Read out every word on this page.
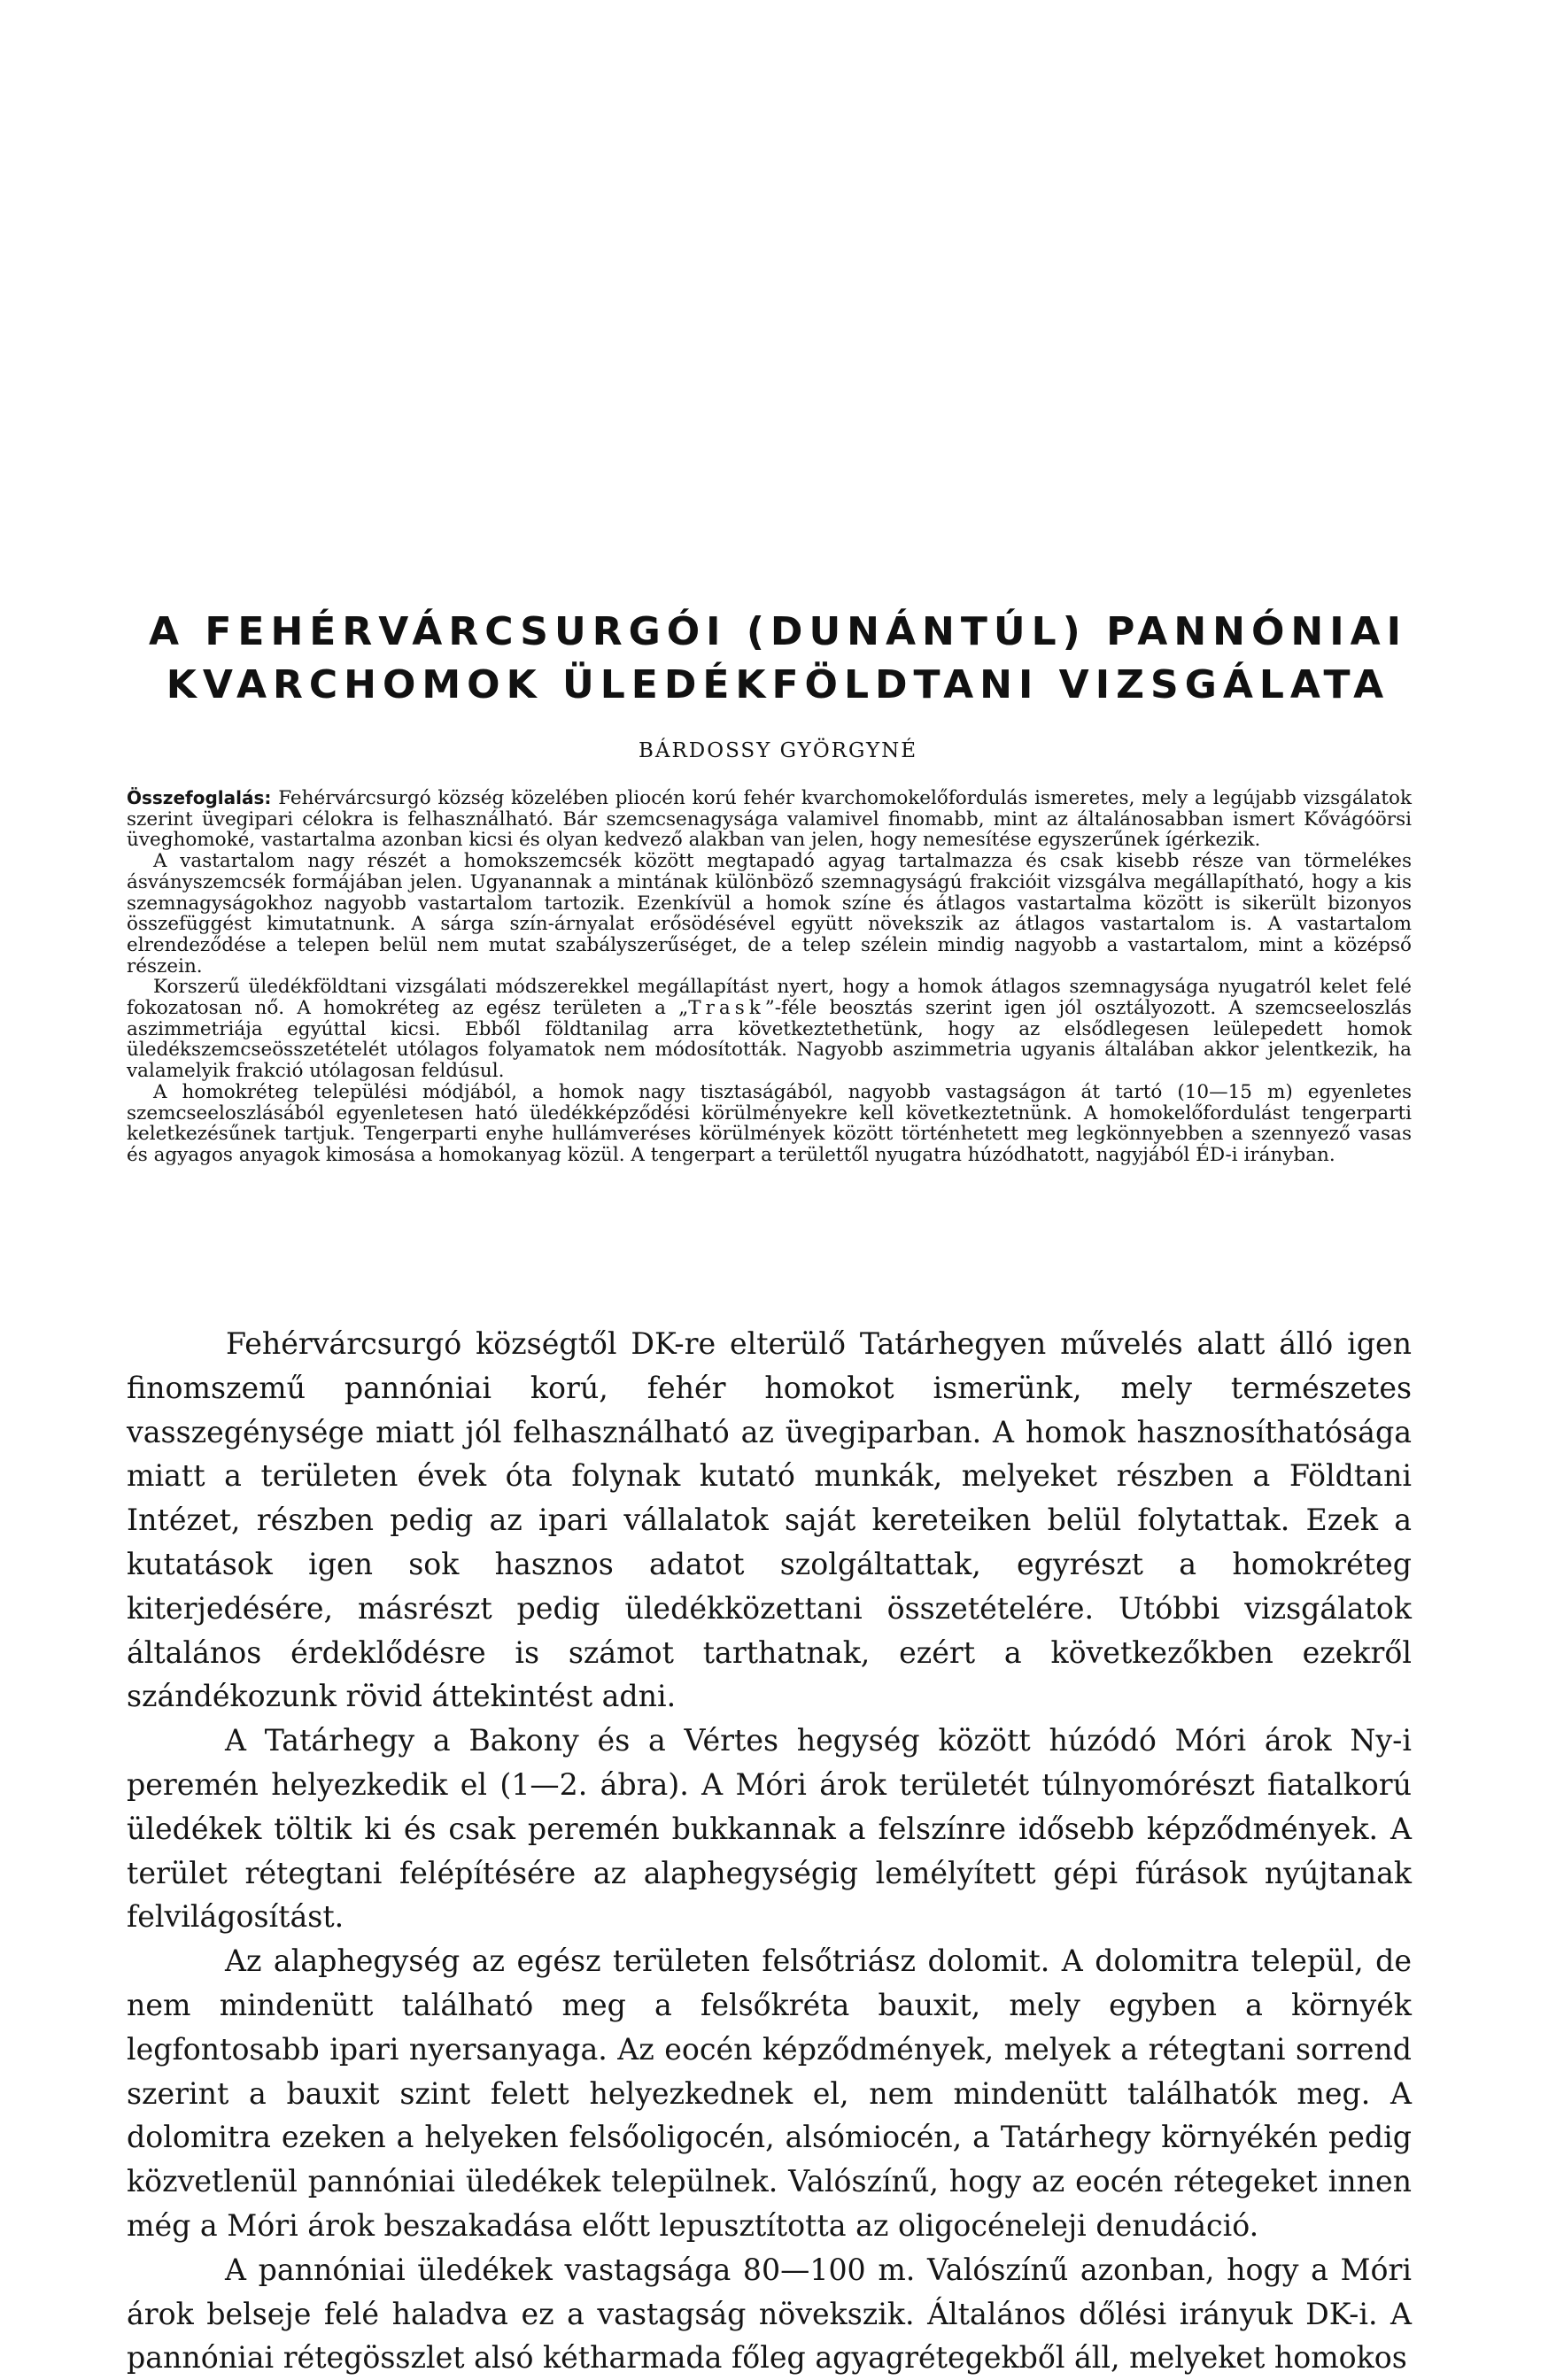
A FEHÉRVÁRCSURGÓI (DUNÁNTÚL) PANNÓNIAI
KVARCHOMOK ÜLEDÉKFÖLDTANI VIZSGÁLATA
BÁRDOSSY GYÖRGYNÉ

Összefoglalás: Fehérvárcsurgó község közelében pliocén korú fehér kvarchomokelőfordulás ismeretes, mely a legújabb vizsgálatok szerint üvegipari célokra is felhasználható. Bár szemcsenagysága valamivel finomabb, mint az általánosabban ismert Kővágóörsi üveghomoké, vastartalma azonban kicsi és olyan kedvező alakban van jelen, hogy nemesítése egyszerűnek ígérkezik.

A vastartalom nagy részét a homokszemcsék között megtapadó agyag tartalmazza és csak kisebb része van törmelékes ásványszemcsék formájában jelen. Ugyanannak a mintának különböző szemnagyságú frakcióit vizsgálva megállapítható, hogy a kis szemnagyságokhoz nagyobb vastartalom tartozik. Ezenkívül a homok színe és átlagos vastartalma között is sikerült bizonyos összefüggést kimutatnunk. A sárga szín-árnyalat erősödésével együtt növekszik az átlagos vastartalom is. A vastartalom elrendeződése a telepen belül nem mutat szabályszerűséget, de a telep szélein mindig nagyobb a vastartalom, mint a középső részein.

Korszerű üledékföldtani vizsgálati módszerekkel megállapítást nyert, hogy a homok átlagos szemnagysága nyugatról kelet felé fokozatosan nő. A homokréteg az egész területen a „Trask”-féle beosztás szerint igen jól osztályozott. A szemcseeloszlás aszimmetriája egyúttal kicsi. Ebből földtanilag arra következtethetünk, hogy az elsődlegesen leülepedett homok üledékszemcseösszetételét utólagos folyamatok nem módosították. Nagyobb aszimmetria ugyanis általában akkor jelentkezik, ha valamelyik frakció utólagosan feldúsul.

A homokréteg települési módjából, a homok nagy tisztaságából, nagyobb vastagságon át tartó (10—15 m) egyenletes szemcseeloszlásából egyenletesen ható üledékképződési körülményekre kell következtetnünk. A homokelőfordulást tengerparti keletkezésűnek tartjuk. Tengerparti enyhe hullámveréses körülmények között történhetett meg legkönnyebben a szennyező vasas és agyagos anyagok kimosása a homokanyag közül. A tengerpart a területtől nyugatra húzódhatott, nagyjából ÉD-i irányban.

Fehérvárcsurgó községtől DK-re elterülő Tatárhegyen művelés alatt álló igen finomszemű pannóniai korú, fehér homokot ismerünk, mely természetes vasszegénysége miatt jól felhasználható az üvegiparban. A homok hasznosíthatósága miatt a területen évek óta folynak kutató munkák, melyeket részben a Földtani Intézet, részben pedig az ipari vállalatok saját kereteiken belül folytattak. Ezek a kutatások igen sok hasznos adatot szolgáltattak, egyrészt a homokréteg kiterjedésére, másrészt pedig üledékközettani összetételére. Utóbbi vizsgálatok általános érdeklődésre is számot tarthatnak, ezért a következőkben ezekről szándékozunk rövid áttekintést adni.

A Tatárhegy a Bakony és a Vértes hegység között húzódó Móri árok Ny-i peremén helyezkedik el (1—2. ábra). A Móri árok területét túlnyomórészt fiatalkorú üledékek töltik ki és csak peremén bukkannak a felszínre idősebb képződmények. A terület rétegtani felépítésére az alaphegységig lemélyített gépi fúrások nyújtanak felvilágosítást.

Az alaphegység az egész területen felsőtriász dolomit. A dolomitra települ, de nem mindenütt található meg a felsőkréta bauxit, mely egyben a környék legfontosabb ipari nyersanyaga. Az eocén képződmények, melyek a rétegtani sorrend szerint a bauxit szint felett helyezkednek el, nem mindenütt találhatók meg. A dolomitra ezeken a helyeken felsőoligocén, alsómiocén, a Tatárhegy környékén pedig közvetlenül pannóniai üledékek települnek. Valószínű, hogy az eocén rétegeket innen még a Móri árok beszakadása előtt lepusztította az oligocéneleji denudáció.

A pannóniai üledékek vastagsága 80—100 m. Valószínű azonban, hogy a Móri árok belseje felé haladva ez a vastagság növekszik. Általános dőlési irányuk DK-i. A pannóniai rétegösszlet alsó kétharmada főleg agyagrétegekből áll, melyeket homokos
